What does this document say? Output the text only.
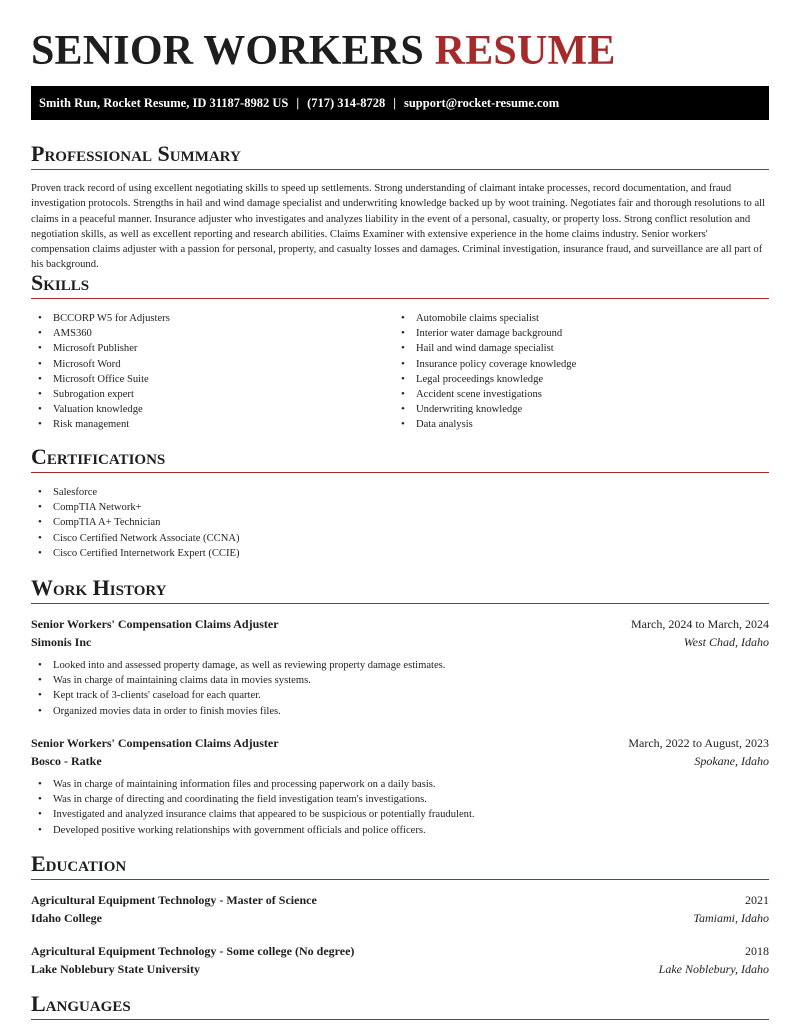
SENIOR WORKERS RESUME
Smith Run, Rocket Resume, ID 31187-8982 US | (717) 314-8728 | support@rocket-resume.com
Professional Summary

Proven track record of using excellent negotiating skills to speed up settlements. Strong understanding of claimant intake processes, record documentation, and fraud investigation protocols. Strengths in hail and wind damage specialist and underwriting knowledge backed up by woot training. Negotiates fair and thorough resolutions to all claims in a peaceful manner. Insurance adjuster who investigates and analyzes liability in the event of a personal, casualty, or property loss. Strong conflict resolution and negotiation skills, as well as excellent reporting and research abilities. Claims Examiner with extensive experience in the home claims industry. Senior workers' compensation claims adjuster with a passion for personal, property, and casualty losses and damages. Criminal investigation, insurance fraud, and surveillance are all part of his background.

Skills
• BCCORP W5 for Adjusters
• AMS360
• Microsoft Publisher
• Microsoft Word
• Microsoft Office Suite
• Subrogation expert
• Valuation knowledge
• Risk management
• Automobile claims specialist
• Interior water damage background
• Hail and wind damage specialist
• Insurance policy coverage knowledge
• Legal proceedings knowledge
• Accident scene investigations
• Underwriting knowledge
• Data analysis
Certifications
• Salesforce
• CompTIA Network+
• CompTIA A+ Technician
• Cisco Certified Network Associate (CCNA)
• Cisco Certified Internetwork Expert (CCIE)
Work History
Senior Workers' Compensation Claims Adjuster	March, 2024 to March, 2024
Simonis Inc	West Chad, Idaho
• Looked into and assessed property damage, as well as reviewing property damage estimates.
• Was in charge of maintaining claims data in movies systems.
• Kept track of 3-clients' caseload for each quarter.
• Organized movies data in order to finish movies files.
Senior Workers' Compensation Claims Adjuster	March, 2022 to August, 2023
Bosco - Ratke	Spokane, Idaho
• Was in charge of maintaining information files and processing paperwork on a daily basis.
• Was in charge of directing and coordinating the field investigation team's investigations.
• Investigated and analyzed insurance claims that appeared to be suspicious or potentially fraudulent.
• Developed positive working relationships with government officials and police officers.
Education
Agricultural Equipment Technology - Master of Science	2021
Idaho College	Tamiami, Idaho
Agricultural Equipment Technology - Some college (No degree)	2018
Lake Noblebury State University	Lake Noblebury, Idaho
Languages
